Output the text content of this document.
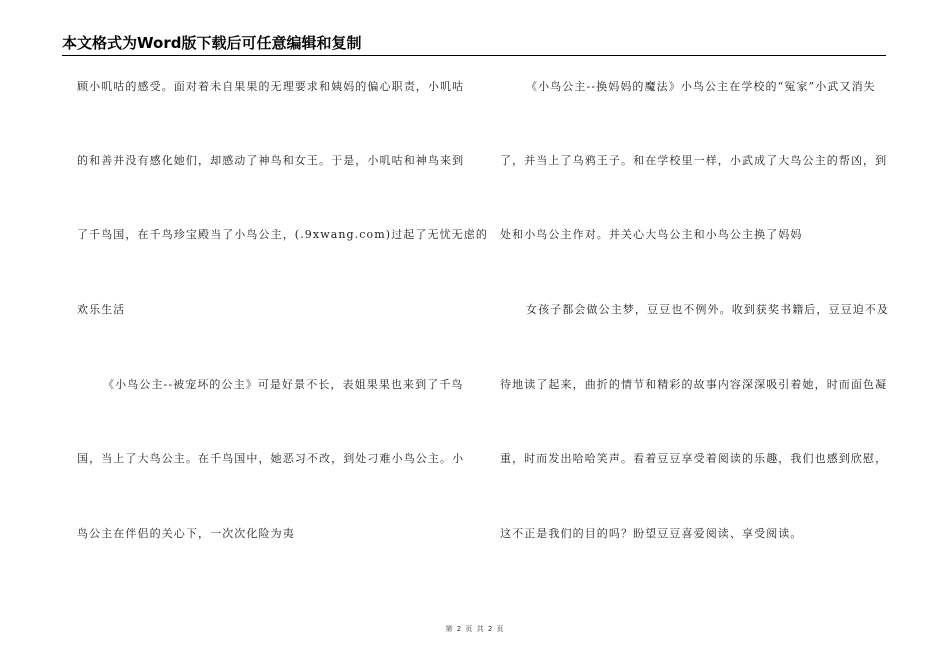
本文格式为Word版下载后可任意编辑和复制
顾小叽咕的感受。面对着未自果果的无理要求和姨妈的偏心职责，小叽咕
的和善并没有感化她们，却感动了神鸟和女王。于是，小叽咕和神鸟来到
了千鸟国，在千鸟珍宝殿当了小鸟公主，(.9xwang.com)过起了无忧无虑的
欢乐生活
《小鸟公主--被宠坏的公主》可是好景不长，表姐果果也来到了千鸟
国，当上了大鸟公主。在千鸟国中，她恶习不改，到处刁难小鸟公主。小
鸟公主在伴侣的关心下，一次次化险为夷
《小鸟公主--换妈妈的魔法》小鸟公主在学校的“冤家”小武又消失
了，并当上了乌鸦王子。和在学校里一样，小武成了大鸟公主的帮凶，到
处和小鸟公主作对。并关心大鸟公主和小鸟公主换了妈妈
女孩子都会做公主梦，豆豆也不例外。收到获奖书籍后，豆豆迫不及
待地读了起来，曲折的情节和精彩的故事内容深深吸引着她，时而面色凝
重，时而发出哈哈笑声。看着豆豆享受着阅读的乐趣，我们也感到欣慰，
这不正是我们的目的吗？盼望豆豆喜爱阅读、享受阅读。
第 2 页 共 2 页
